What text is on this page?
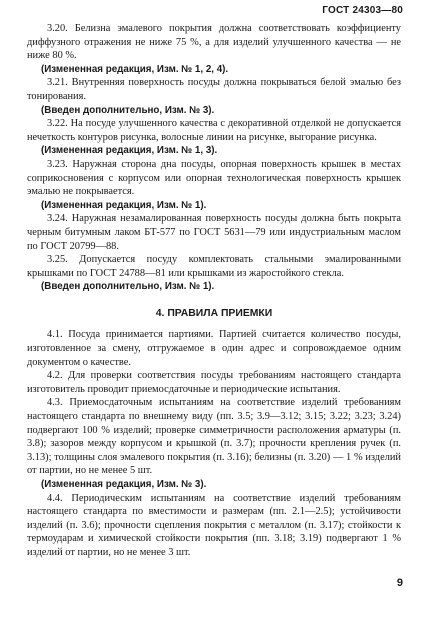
ГОСТ 24303—80

3.20. Белизна эмалевого покрытия должна соответствовать коэффициенту диффузного отражения не ниже 75 %, а для изделий улучшенного качества — не ниже 80 %.

(Измененная редакция, Изм. № 1, 2, 4).

3.21. Внутренняя поверхность посуды должна покрываться белой эмалью без тонирования.

(Введен дополнительно, Изм. № 3).

3.22. На посуде улучшенного качества с декоративной отделкой не допускается нечеткость контуров рисунка, волосные линии на рисунке, выгорание рисунка.

(Измененная редакция, Изм. № 1, 3).

3.23. Наружная сторона дна посуды, опорная поверхность крышек в местах соприкосновения с корпусом или опорная технологическая поверхность крышек эмалью не покрывается.

(Измененная редакция, Изм. № 1).

3.24. Наружная незамалированная поверхность посуды должна быть покрыта черным битумным лаком БТ-577 по ГОСТ 5631—79 или индустриальным маслом по ГОСТ 20799—88.

3.25. Допускается посуду комплектовать стальными эмалированными крышками по ГОСТ 24788—81 или крышками из жаростойкого стекла.

(Введен дополнительно, Изм. № 1).

4. ПРАВИЛА ПРИЕМКИ

4.1. Посуда принимается партиями. Партией считается количество посуды, изготовленное за смену, отгружаемое в один адрес и сопровождаемое одним документом о качестве.

4.2. Для проверки соответствия посуды требованиям настоящего стандарта изготовитель проводит приемосдаточные и периодические испытания.

4.3. Приемосдаточным испытаниям на соответствие изделий требованиям настоящего стандарта по внешнему виду (пп. 3.5; 3.9—3.12; 3.15; 3.22; 3.23; 3.24) подвергают 100 % изделий; проверке симметричности расположения арматуры (п. 3.8); зазоров между корпусом и крышкой (п. 3.7); прочности крепления ручек (п. 3.13); толщины слоя эмалевого покрытия (п. 3.16); белизны (п. 3.20) — 1 % изделий от партии, но не менее 5 шт.

(Измененная редакция, Изм. № 3).

4.4. Периодическим испытаниям на соответствие изделий требованиям настоящего стандарта по вместимости и размерам (пп. 2.1—2.5); устойчивости изделий (п. 3.6); прочности сцепления покрытия с металлом (п. 3.17); стойкости к термоударам и химической стойкости покрытия (пп. 3.18; 3.19) подвергают 1 % изделий от партии, но не менее 3 шт.

9
